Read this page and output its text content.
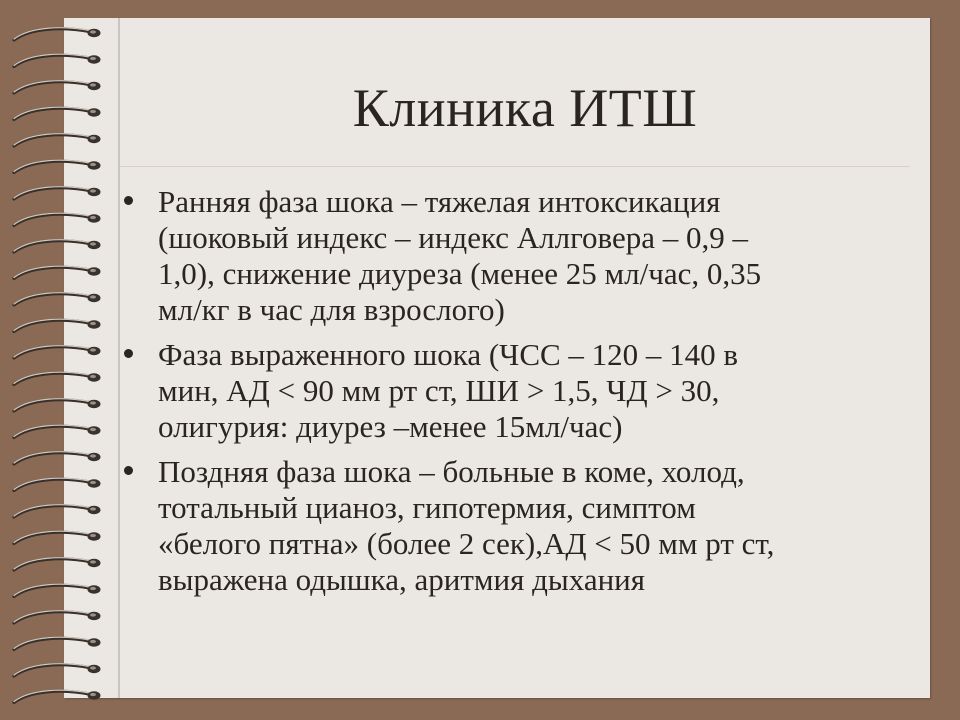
Клиника ИТШ
Ранняя фаза шока – тяжелая интоксикация
(шоковый индекс – индекс Аллговера – 0,9 –
1,0), снижение диуреза (менее 25 мл/час, 0,35
мл/кг в час для взрослого)
Фаза выраженного шока (ЧСС – 120 – 140 в
мин, АД < 90 мм рт ст, ШИ > 1,5, ЧД > 30,
олигурия: диурез –менее 15мл/час)
Поздняя фаза шока – больные в коме, холод,
тотальный цианоз, гипотермия, симптом
«белого пятна» (более 2 сек),АД < 50 мм рт ст,
выражена одышка, аритмия дыхания
